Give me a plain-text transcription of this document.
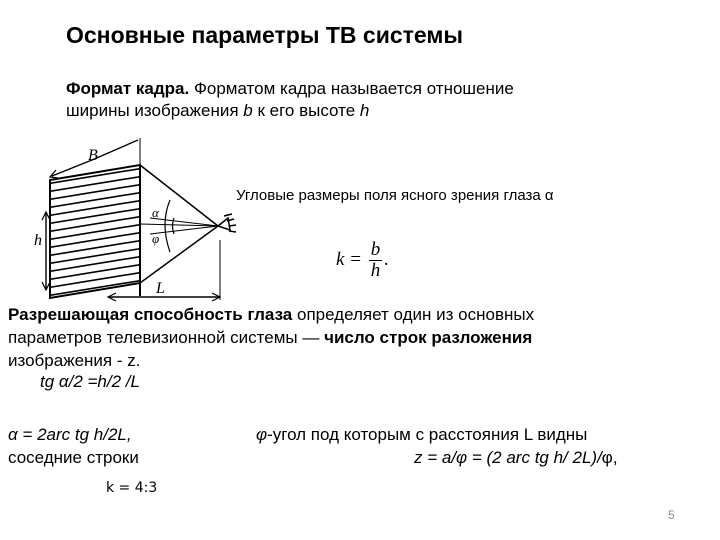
Основные параметры ТВ системы
Формат кадра. Форматом кадра называется отношение
ширины изображения b к его высоте h
B
h
L
α
φ
Угловые размеры поля ясного зрения глаза α
$k = \frac{b}{h}$ .
Разрешающая способность глаза определяет один из основных
параметров телевизионной системы — число строк разложения
изображения - z.
tg α/2 =h/2 /L
α = 2arc tg h/2L,	φ-угол под которым с расстояния L видны
соседние строки	z = a/φ = (2 arc tg h/ 2L)/φ,
k = 4:3
5
